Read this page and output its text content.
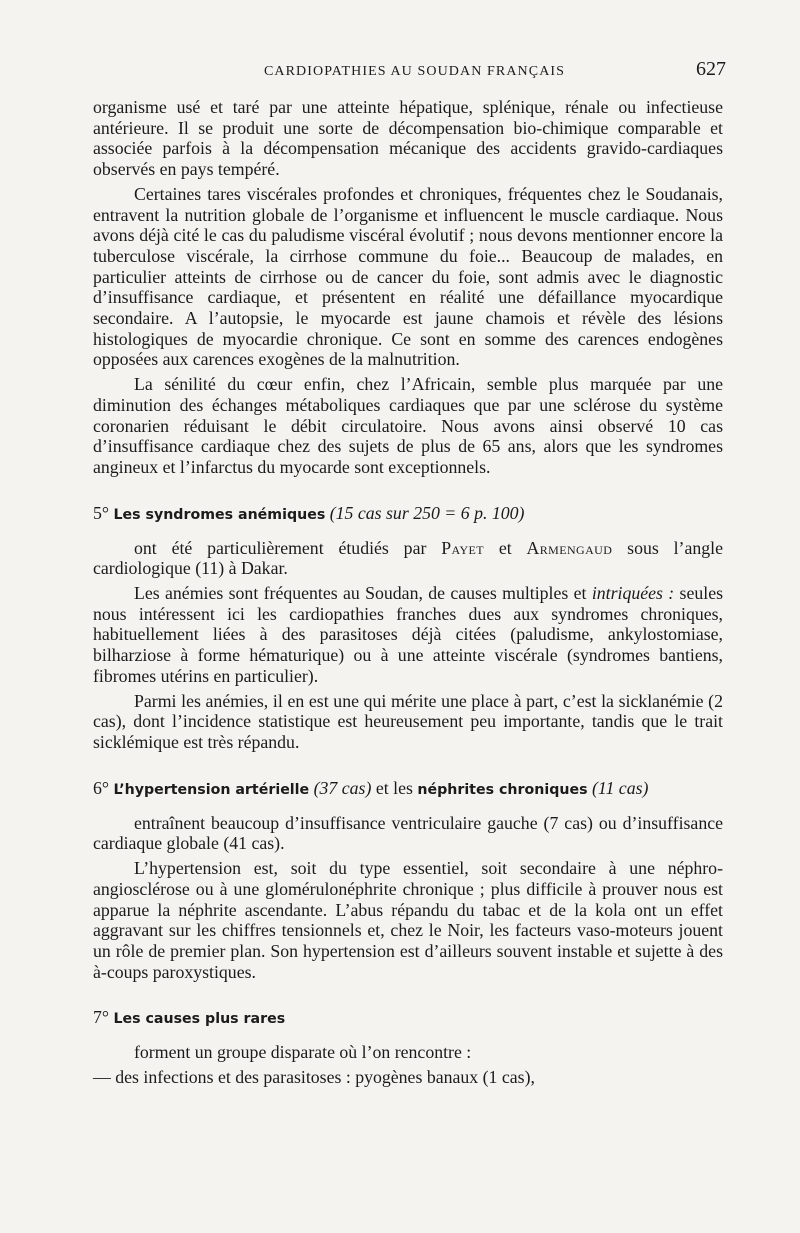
CARDIOPATHIES AU SOUDAN FRANÇAIS	627

organisme usé et taré par une atteinte hépatique, splénique, rénale ou infectieuse antérieure. Il se produit une sorte de décompensation bio-chimique comparable et associée parfois à la décompensation mécanique des accidents gravido-cardiaques observés en pays tempéré.

Certaines tares viscérales profondes et chroniques, fréquentes chez le Soudanais, entravent la nutrition globale de l’organisme et influencent le muscle cardiaque. Nous avons déjà cité le cas du paludisme viscéral évolutif ; nous devons mentionner encore la tuberculose viscérale, la cirrhose commune du foie... Beaucoup de malades, en particulier atteints de cirrhose ou de cancer du foie, sont admis avec le diagnostic d’insuffisance cardiaque, et présentent en réalité une défaillance myocardique secondaire. A l’autopsie, le myocarde est jaune chamois et révèle des lésions histologiques de myocardie chronique. Ce sont en somme des carences endogènes opposées aux carences exogènes de la malnutrition.

La sénilité du cœur enfin, chez l’Africain, semble plus marquée par une diminution des échanges métaboliques cardiaques que par une sclérose du système coronarien réduisant le débit circulatoire. Nous avons ainsi observé 10 cas d’insuffisance cardiaque chez des sujets de plus de 65 ans, alors que les syndromes angineux et l’infarctus du myocarde sont exceptionnels.

5° Les syndromes anémiques (15 cas sur 250 = 6 p. 100)

ont été particulièrement étudiés par Payet et Armengaud sous l’angle cardiologique (11) à Dakar.

Les anémies sont fréquentes au Soudan, de causes multiples et intriquées : seules nous intéressent ici les cardiopathies franches dues aux syndromes chroniques, habituellement liées à des parasitoses déjà citées (paludisme, ankylostomiase, bilharziose à forme hématurique) ou à une atteinte viscérale (syndromes bantiens, fibromes utérins en particulier).

Parmi les anémies, il en est une qui mérite une place à part, c’est la sicklanémie (2 cas), dont l’incidence statistique est heureusement peu importante, tandis que le trait sicklémique est très répandu.

6° L’hypertension artérielle (37 cas) et les néphrites chroniques (11 cas)

entraînent beaucoup d’insuffisance ventriculaire gauche (7 cas) ou d’insuffisance cardiaque globale (41 cas).

L’hypertension est, soit du type essentiel, soit secondaire à une néphro-angiosclérose ou à une glomérulonéphrite chronique ; plus difficile à prouver nous est apparue la néphrite ascendante. L’abus répandu du tabac et de la kola ont un effet aggravant sur les chiffres tensionnels et, chez le Noir, les facteurs vaso-moteurs jouent un rôle de premier plan. Son hypertension est d’ailleurs souvent instable et sujette à des à-coups paroxystiques.

7° Les causes plus rares

forment un groupe disparate où l’on rencontre :

— des infections et des parasitoses : pyogènes banaux (1 cas),
